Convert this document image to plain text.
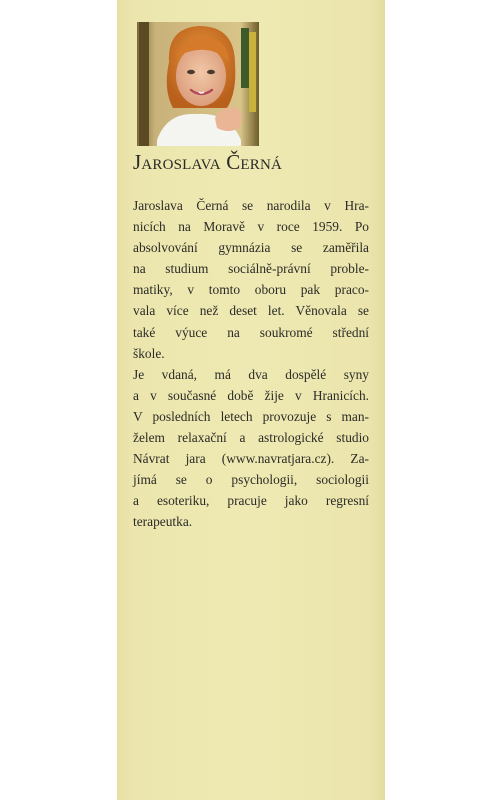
Jaroslava Černá
Jaroslava Černá se narodila v Hra-
nicích na Moravě v roce 1959. Po
absolvování gymnázia se zaměřila
na studium sociálně-právní proble-
matiky, v tomto oboru pak praco-
vala více než deset let. Věnovala se
také výuce na soukromé střední
škole.
Je vdaná, má dva dospělé syny
a v současné době žije v Hranicích.
V posledních letech provozuje s man-
želem relaxační a astrologické studio
Návrat jara (www.navratjara.cz). Za-
jímá se o psychologii, sociologii
a esoteriku, pracuje jako regresní
terapeutka.
